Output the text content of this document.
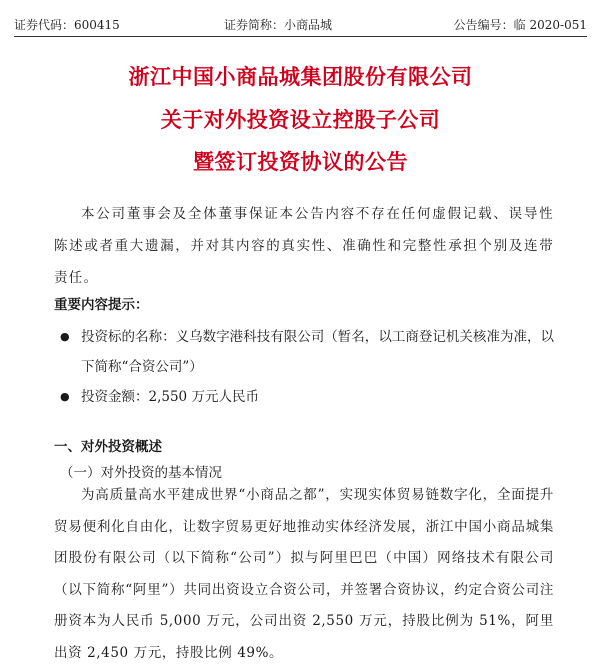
证券代码：600415	证券简称：小商品城	公告编号：临 2020-051
浙江中国小商品城集团股份有限公司
关于对外投资设立控股子公司
暨签订投资协议的公告
本公司董事会及全体董事保证本公告内容不存在任何虚假记载、误导性陈述或者重大遗漏，并对其内容的真实性、准确性和完整性承担个别及连带责任。
重要内容提示：
● 投资标的名称：义乌数字港科技有限公司（暂名，以工商登记机关核准为准，以下简称“合资公司”）
● 投资金额：2,550 万元人民币
一、对外投资概述
（一）对外投资的基本情况
为高质量高水平建成世界“小商品之都”，实现实体贸易链数字化，全面提升贸易便利化自由化，让数字贸易更好地推动实体经济发展，浙江中国小商品城集团股份有限公司（以下简称“公司”）拟与阿里巴巴（中国）网络技术有限公司（以下简称“阿里”）共同出资设立合资公司，并签署合资协议，约定合资公司注册资本为人民币 5,000 万元，公司出资 2,550 万元，持股比例为 51%，阿里出资 2,450 万元，持股比例 49%。
